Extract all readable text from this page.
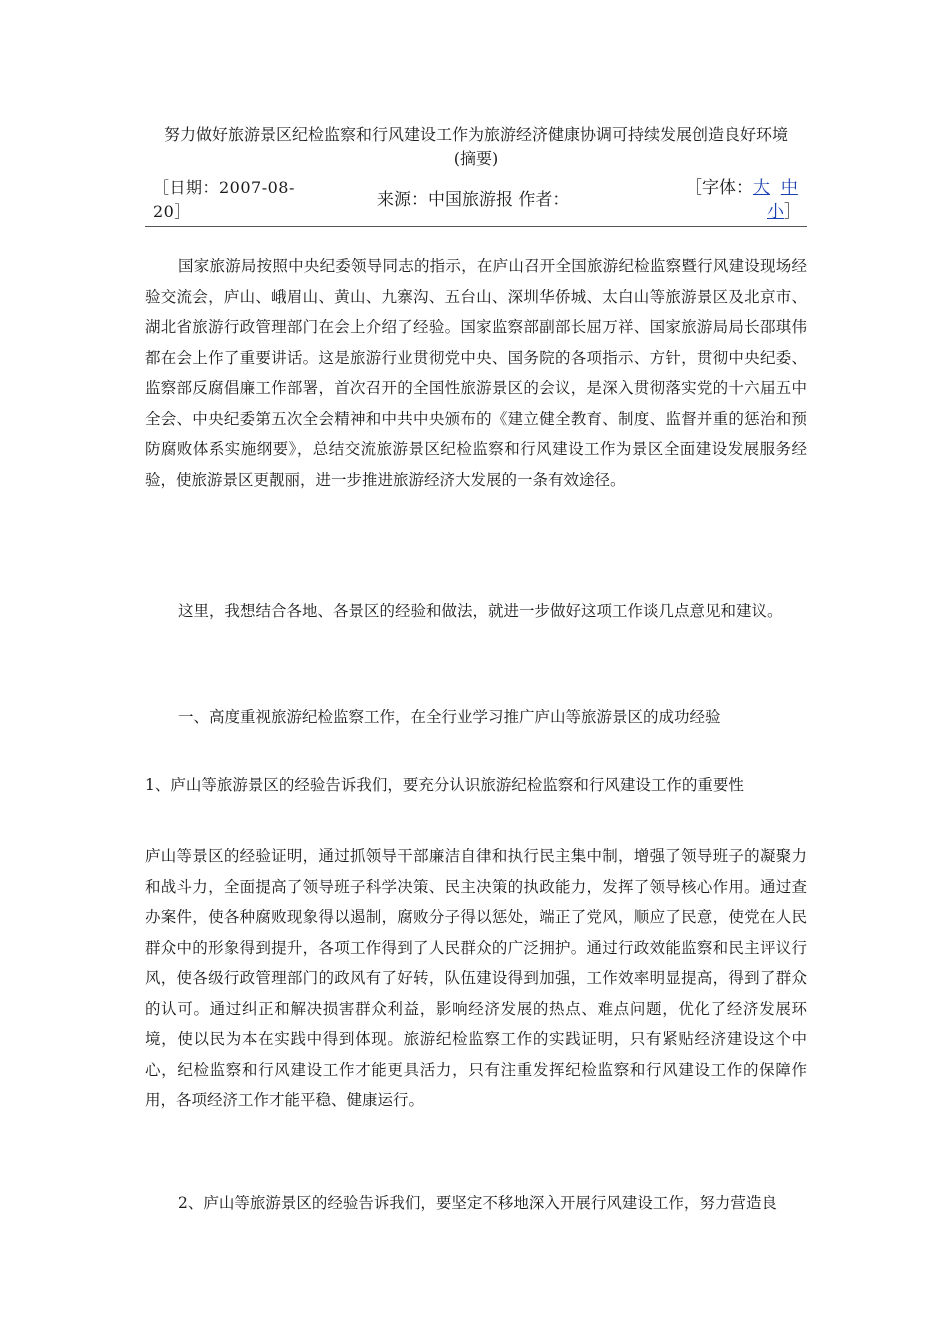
努力做好旅游景区纪检监察和行风建设工作为旅游经济健康协调可持续发展创造良好环境
(摘要)
［日期：2007-08-20］
来源：中国旅游报 作者：
［字体：大 中
小］
国家旅游局按照中央纪委领导同志的指示，在庐山召开全国旅游纪检监察暨行风建设现场经验交流会，庐山、峨眉山、黄山、九寨沟、五台山、深圳华侨城、太白山等旅游景区及北京市、湖北省旅游行政管理部门在会上介绍了经验。国家监察部副部长屈万祥、国家旅游局局长邵琪伟都在会上作了重要讲话。这是旅游行业贯彻党中央、国务院的各项指示、方针，贯彻中央纪委、监察部反腐倡廉工作部署，首次召开的全国性旅游景区的会议，是深入贯彻落实党的十六届五中全会、中央纪委第五次全会精神和中共中央颁布的《建立健全教育、制度、监督并重的惩治和预防腐败体系实施纲要》，总结交流旅游景区纪检监察和行风建设工作为景区全面建设发展服务经验，使旅游景区更靓丽，进一步推进旅游经济大发展的一条有效途径。
这里，我想结合各地、各景区的经验和做法，就进一步做好这项工作谈几点意见和建议。
一、高度重视旅游纪检监察工作，在全行业学习推广庐山等旅游景区的成功经验
1、庐山等旅游景区的经验告诉我们，要充分认识旅游纪检监察和行风建设工作的重要性
庐山等景区的经验证明，通过抓领导干部廉洁自律和执行民主集中制，增强了领导班子的凝聚力和战斗力，全面提高了领导班子科学决策、民主决策的执政能力，发挥了领导核心作用。通过查办案件，使各种腐败现象得以遏制，腐败分子得以惩处，端正了党风，顺应了民意，使党在人民群众中的形象得到提升，各项工作得到了人民群众的广泛拥护。通过行政效能监察和民主评议行风，使各级行政管理部门的政风有了好转，队伍建设得到加强，工作效率明显提高，得到了群众的认可。通过纠正和解决损害群众利益，影响经济发展的热点、难点问题，优化了经济发展环境，使以民为本在实践中得到体现。旅游纪检监察工作的实践证明，只有紧贴经济建设这个中心，纪检监察和行风建设工作才能更具活力，只有注重发挥纪检监察和行风建设工作的保障作用，各项经济工作才能平稳、健康运行。
2、庐山等旅游景区的经验告诉我们，要坚定不移地深入开展行风建设工作，努力营造良
